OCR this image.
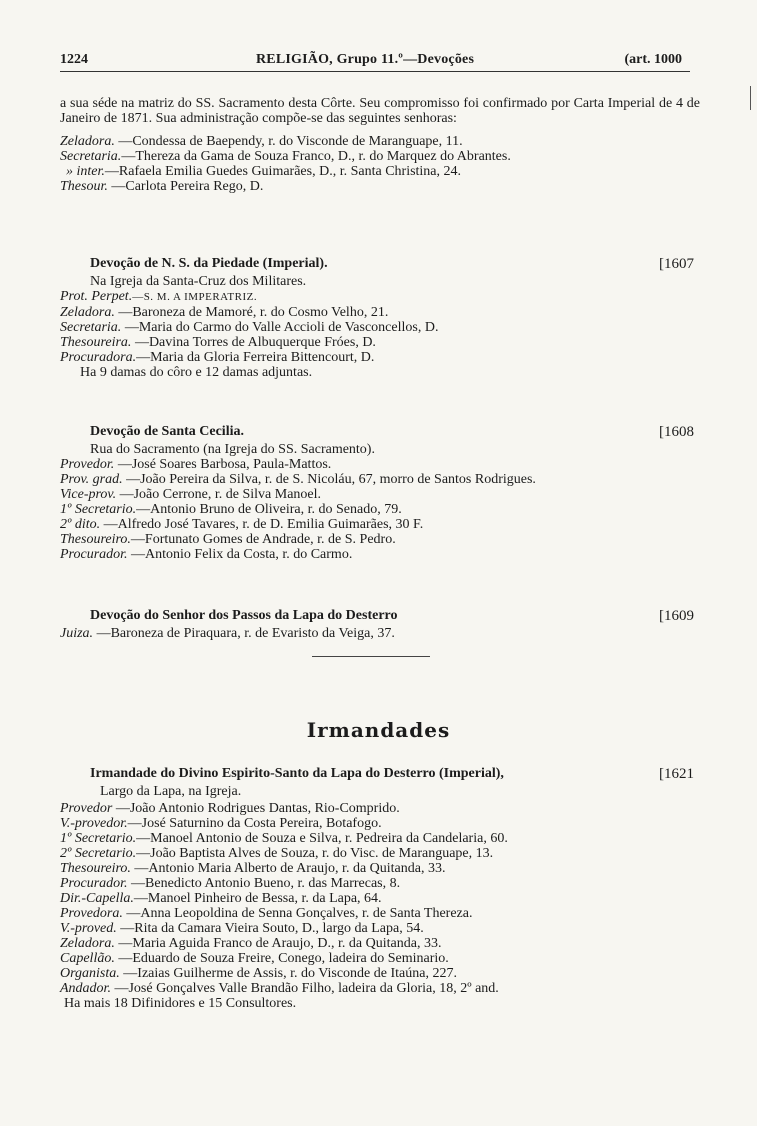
1224	RELIGIÃO, Grupo 11.º—Devoções	(art. 1000

a sua séde na matriz do SS. Sacramento desta Côrte. Seu compromisso foi confirmado por Carta Imperial de 4 de Janeiro de 1871. Sua administração compõe-se das seguintes senhoras:

Zeladora. —Condessa de Baependy, r. do Visconde de Maranguape, 11.
Secretaria.—Thereza da Gama de Souza Franco, D., r. do Marquez do Abrantes.
» inter.—Rafaela Emilia Guedes Guimarães, D., r. Santa Christina, 24.
Thesour. —Carlota Pereira Rego, D.
Devoção de N. S. da Piedade (Imperial).	[1607
Na Igreja da Santa-Cruz dos Militares.
Prot. Perpet.—S. M. A IMPERATRIZ.
Zeladora. —Baroneza de Mamoré, r. do Cosmo Velho, 21.
Secretaria. —Maria do Carmo do Valle Accioli de Vasconcellos, D.
Thesoureira. —Davina Torres de Albuquerque Fróes, D.
Procuradora.—Maria da Gloria Ferreira Bittencourt, D.
Ha 9 damas do côro e 12 damas adjuntas.
Devoção de Santa Cecilia.	[1608
Rua do Sacramento (na Igreja do SS. Sacramento).
Provedor. —José Soares Barbosa, Paula-Mattos.
Prov. grad. —João Pereira da Silva, r. de S. Nicoláu, 67, morro de Santos Rodrigues.
Vice-prov. —João Cerrone, r. de Silva Manoel.
1º Secretario.—Antonio Bruno de Oliveira, r. do Senado, 79.
2º dito. —Alfredo José Tavares, r. de D. Emilia Guimarães, 30 F.
Thesoureiro.—Fortunato Gomes de Andrade, r. de S. Pedro.
Procurador. —Antonio Felix da Costa, r. do Carmo.
Devoção do Senhor dos Passos da Lapa do Desterro	[1609
Juiza. —Baroneza de Piraquara, r. de Evaristo da Veiga, 37.
Irmandades
Irmandade do Divino Espirito-Santo da Lapa do Desterro (Imperial),	[1621
Largo da Lapa, na Igreja.
Provedor —João Antonio Rodrigues Dantas, Rio-Comprido.
V.-provedor.—José Saturnino da Costa Pereira, Botafogo.
1º Secretario.—Manoel Antonio de Souza e Silva, r. Pedreira da Candelaria, 60.
2º Secretario.—João Baptista Alves de Souza, r. do Visc. de Maranguape, 13.
Thesoureiro. —Antonio Maria Alberto de Araujo, r. da Quitanda, 33.
Procurador. —Benedicto Antonio Bueno, r. das Marrecas, 8.
Dir.-Capella.—Manoel Pinheiro de Bessa, r. da Lapa, 64.
Provedora. —Anna Leopoldina de Senna Gonçalves, r. de Santa Thereza.
V.-proved. —Rita da Camara Vieira Souto, D., largo da Lapa, 54.
Zeladora. —Maria Aguida Franco de Araujo, D., r. da Quitanda, 33.
Capellão. —Eduardo de Souza Freire, Conego, ladeira do Seminario.
Organista. —Izaias Guilherme de Assis, r. do Visconde de Itaúna, 227.
Andador. —José Gonçalves Valle Brandão Filho, ladeira da Gloria, 18, 2º and.
Ha mais 18 Difinidores e 15 Consultores.
